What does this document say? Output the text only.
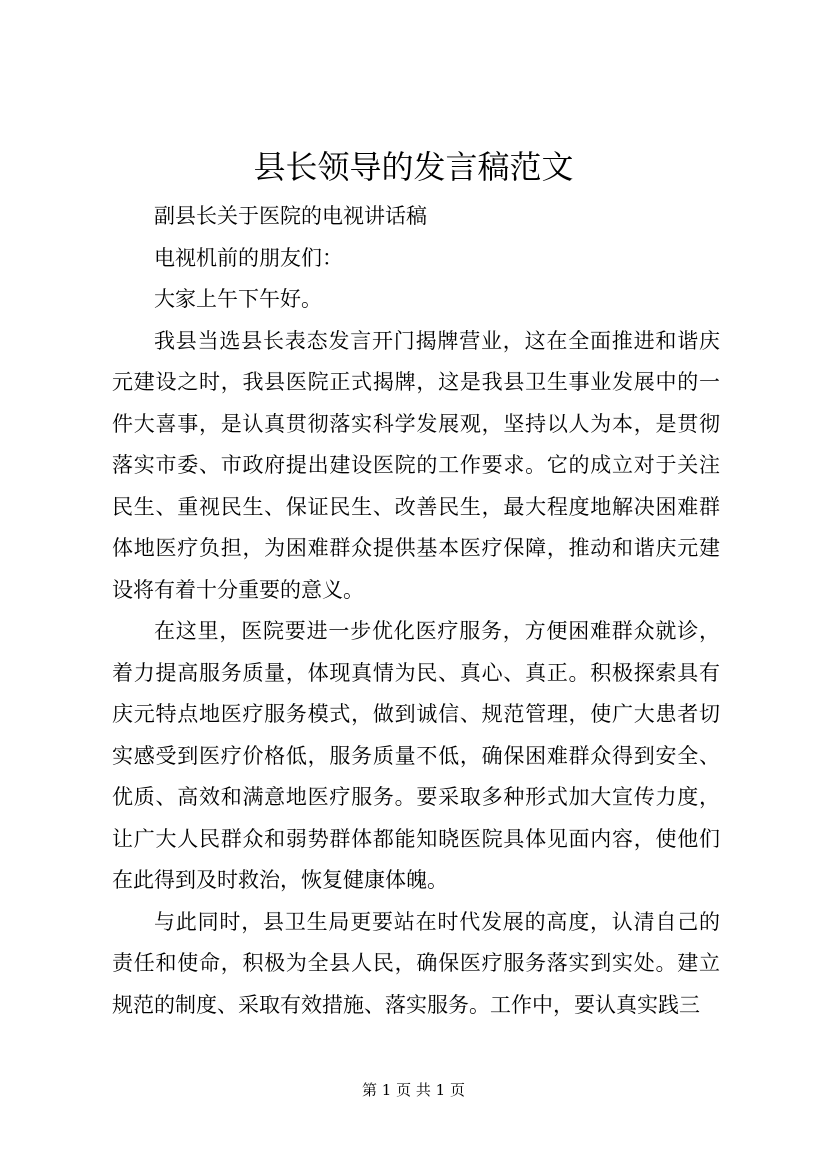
县长领导的发言稿范文

副县长关于医院的电视讲话稿

电视机前的朋友们：

大家上午下午好。

我县当选县长表态发言开门揭牌营业，这在全面推进和谐庆元建设之时，我县医院正式揭牌，这是我县卫生事业发展中的一件大喜事，是认真贯彻落实科学发展观，坚持以人为本，是贯彻落实市委、市政府提出建设医院的工作要求。它的成立对于关注民生、重视民生、保证民生、改善民生，最大程度地解决困难群体地医疗负担，为困难群众提供基本医疗保障，推动和谐庆元建设将有着十分重要的意义。

在这里，医院要进一步优化医疗服务，方便困难群众就诊，着力提高服务质量，体现真情为民、真心、真正。积极探索具有庆元特点地医疗服务模式，做到诚信、规范管理，使广大患者切实感受到医疗价格低，服务质量不低，确保困难群众得到安全、优质、高效和满意地医疗服务。要采取多种形式加大宣传力度，让广大人民群众和弱势群体都能知晓医院具体见面内容，使他们在此得到及时救治，恢复健康体魄。

与此同时，县卫生局更要站在时代发展的高度，认清自己的责任和使命，积极为全县人民，确保医疗服务落实到实处。建立规范的制度、采取有效措施、落实服务。工作中，要认真实践三

第 1 页 共 1 页
